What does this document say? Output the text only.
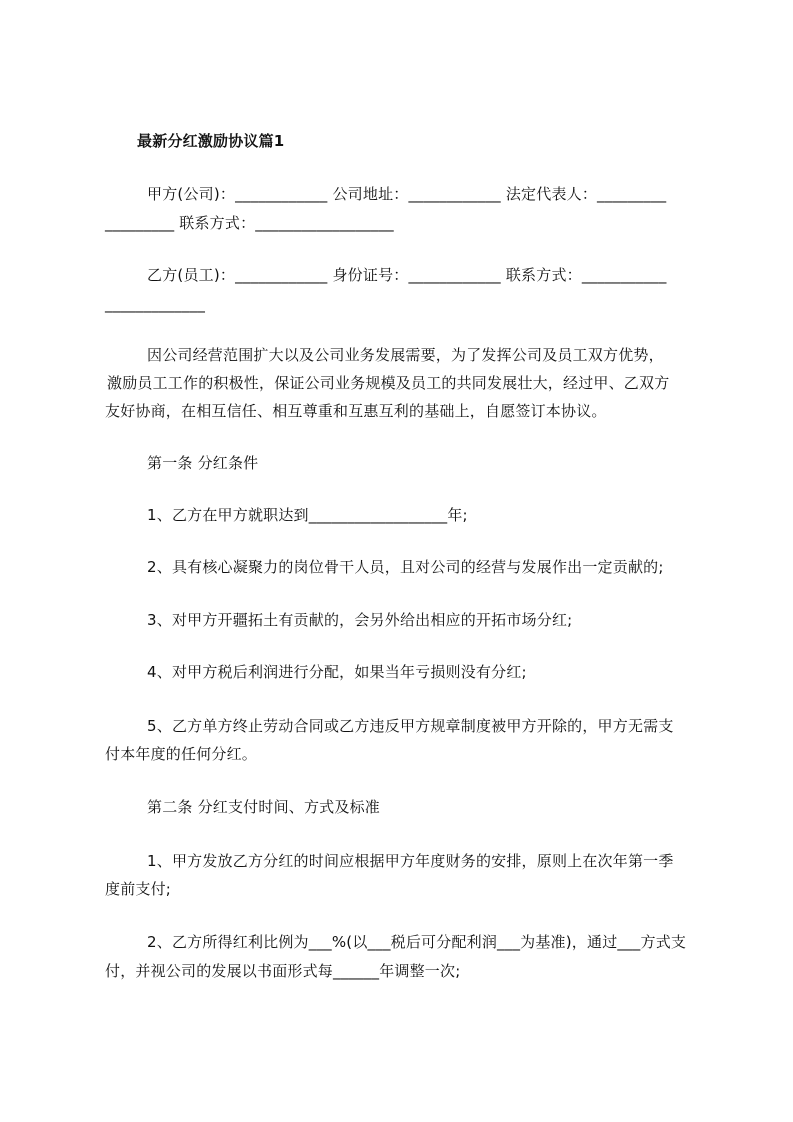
最新分红激励协议篇1
甲方(公司)：____________ 公司地址：____________ 法定代表人：_________
_________ 联系方式：__________________
乙方(员工)：____________ 身份证号：____________ 联系方式：___________
_____________
因公司经营范围扩大以及公司业务发展需要，为了发挥公司及员工双方优势，
激励员工工作的积极性，保证公司业务规模及员工的共同发展壮大，经过甲、乙双方
友好协商，在相互信任、相互尊重和互惠互利的基础上，自愿签订本协议。
第一条 分红条件
1、乙方在甲方就职达到__________________年;
2、具有核心凝聚力的岗位骨干人员，且对公司的经营与发展作出一定贡献的;
3、对甲方开疆拓土有贡献的，会另外给出相应的开拓市场分红;
4、对甲方税后利润进行分配，如果当年亏损则没有分红;
5、乙方单方终止劳动合同或乙方违反甲方规章制度被甲方开除的，甲方无需支
付本年度的任何分红。
第二条 分红支付时间、方式及标准
1、甲方发放乙方分红的时间应根据甲方年度财务的安排，原则上在次年第一季
度前支付;
2、乙方所得红利比例为___%(以___税后可分配利润___为基准)，通过___方式支
付，并视公司的发展以书面形式每______年调整一次;
